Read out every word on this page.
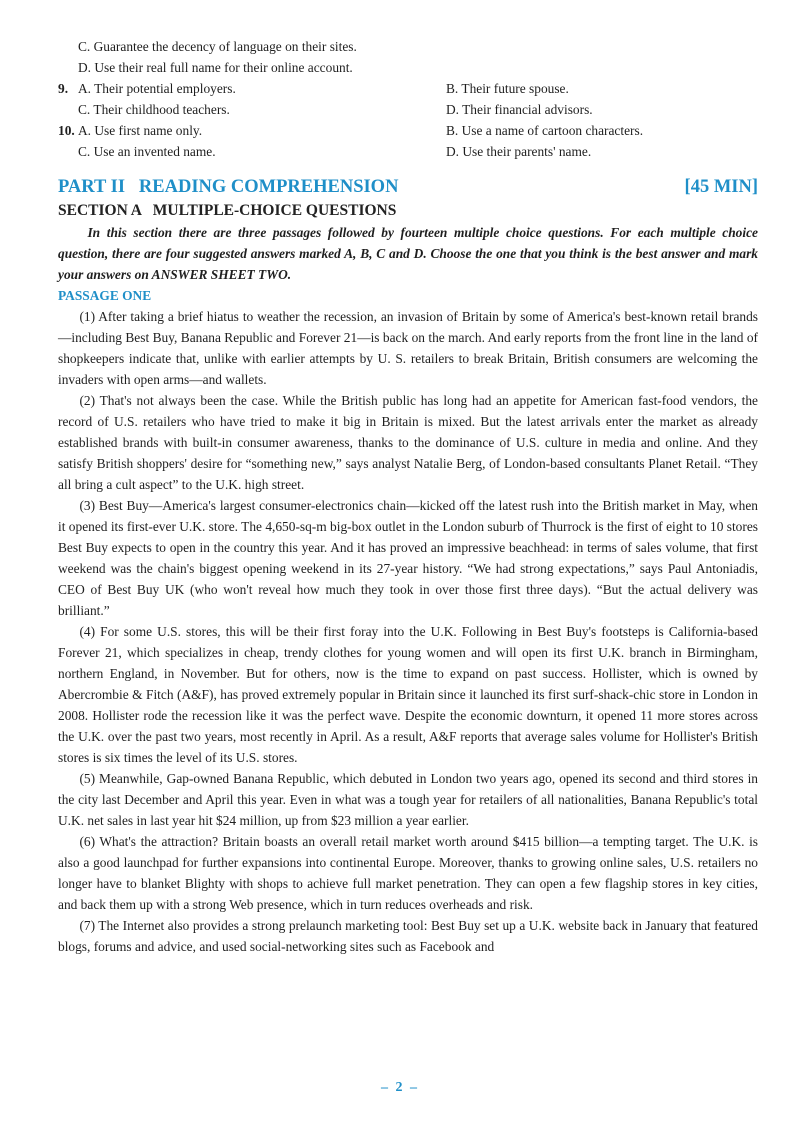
C. Guarantee the decency of language on their sites.
D. Use their real full name for their online account.
9. A. Their potential employers.	B. Their future spouse.
C. Their childhood teachers.	D. Their financial advisors.
10. A. Use first name only.	B. Use a name of cartoon characters.
C. Use an invented name.	D. Use their parents' name.
PART II   READING COMPREHENSION	[45 MIN]
SECTION A   MULTIPLE-CHOICE QUESTIONS

In this section there are three passages followed by fourteen multiple choice questions. For each multiple choice question, there are four suggested answers marked A, B, C and D. Choose the one that you think is the best answer and mark your answers on ANSWER SHEET TWO.

PASSAGE ONE

(1) After taking a brief hiatus to weather the recession, an invasion of Britain by some of America's best-known retail brands—including Best Buy, Banana Republic and Forever 21—is back on the march. And early reports from the front line in the land of shopkeepers indicate that, unlike with earlier attempts by U. S. retailers to break Britain, British consumers are welcoming the invaders with open arms—and wallets.

(2) That's not always been the case. While the British public has long had an appetite for American fast-food vendors, the record of U.S. retailers who have tried to make it big in Britain is mixed. But the latest arrivals enter the market as already established brands with built-in consumer awareness, thanks to the dominance of U.S. culture in media and online. And they satisfy British shoppers' desire for “something new,” says analyst Natalie Berg, of London-based consultants Planet Retail. “They all bring a cult aspect” to the U.K. high street.

(3) Best Buy—America's largest consumer-electronics chain—kicked off the latest rush into the British market in May, when it opened its first-ever U.K. store. The 4,650-sq-m big-box outlet in the London suburb of Thurrock is the first of eight to 10 stores Best Buy expects to open in the country this year. And it has proved an impressive beachhead: in terms of sales volume, that first weekend was the chain's biggest opening weekend in its 27-year history. “We had strong expectations,” says Paul Antoniadis, CEO of Best Buy UK (who won't reveal how much they took in over those first three days). “But the actual delivery was brilliant.”

(4) For some U.S. stores, this will be their first foray into the U.K. Following in Best Buy's footsteps is California-based Forever 21, which specializes in cheap, trendy clothes for young women and will open its first U.K. branch in Birmingham, northern England, in November. But for others, now is the time to expand on past success. Hollister, which is owned by Abercrombie & Fitch (A&F), has proved extremely popular in Britain since it launched its first surf-shack-chic store in London in 2008. Hollister rode the recession like it was the perfect wave. Despite the economic downturn, it opened 11 more stores across the U.K. over the past two years, most recently in April. As a result, A&F reports that average sales volume for Hollister's British stores is six times the level of its U.S. stores.

(5) Meanwhile, Gap-owned Banana Republic, which debuted in London two years ago, opened its second and third stores in the city last December and April this year. Even in what was a tough year for retailers of all nationalities, Banana Republic's total U.K. net sales in last year hit $24 million, up from $23 million a year earlier.

(6) What's the attraction? Britain boasts an overall retail market worth around $415 billion—a tempting target. The U.K. is also a good launchpad for further expansions into continental Europe. Moreover, thanks to growing online sales, U.S. retailers no longer have to blanket Blighty with shops to achieve full market penetration. They can open a few flagship stores in key cities, and back them up with a strong Web presence, which in turn reduces overheads and risk.

(7) The Internet also provides a strong prelaunch marketing tool: Best Buy set up a U.K. website back in January that featured blogs, forums and advice, and used social-networking sites such as Facebook and

– 2 –
